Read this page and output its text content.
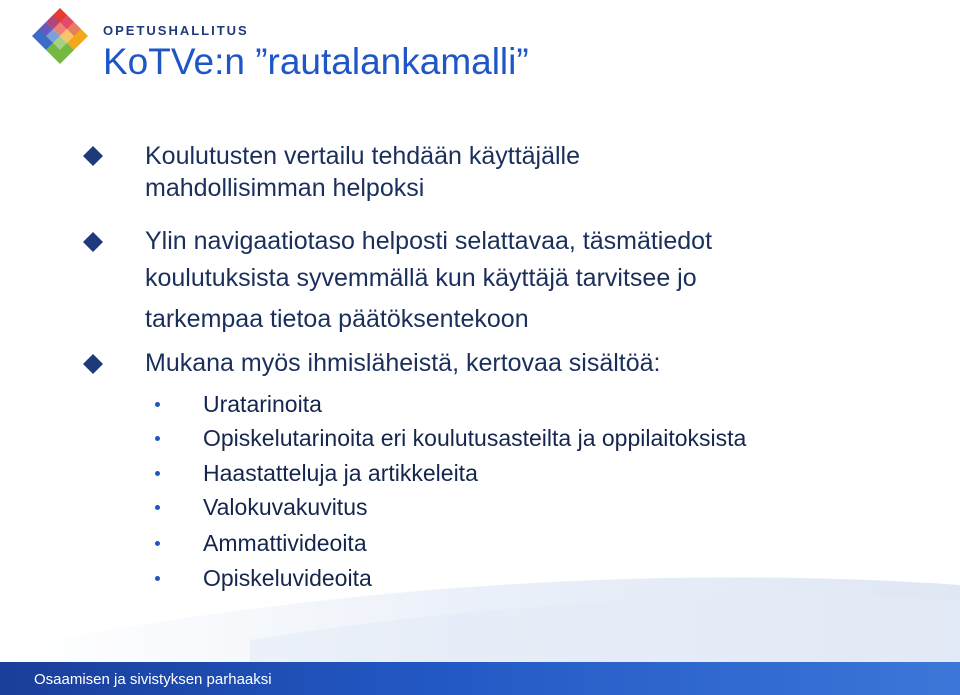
OPETUSHALLITUS
KoTVe:n ”rautalankamalli”
Koulutusten vertailu tehdään käyttäjälle
mahdollisimman helpoksi
Ylin navigaatiotaso helposti selattavaa, täsmätiedot
koulutuksista syvemmällä kun käyttäjä tarvitsee jo
tarkempaa tietoa päätöksentekoon
Mukana myös ihmisläheistä, kertovaa sisältöä:
Uratarinoita
Opiskelutarinoita eri koulutusasteilta ja oppilaitoksista
Haastatteluja ja artikkeleita
Valokuvakuvitus
Ammattivideoita
Opiskeluvideoita
Osaamisen ja sivistyksen parhaaksi
